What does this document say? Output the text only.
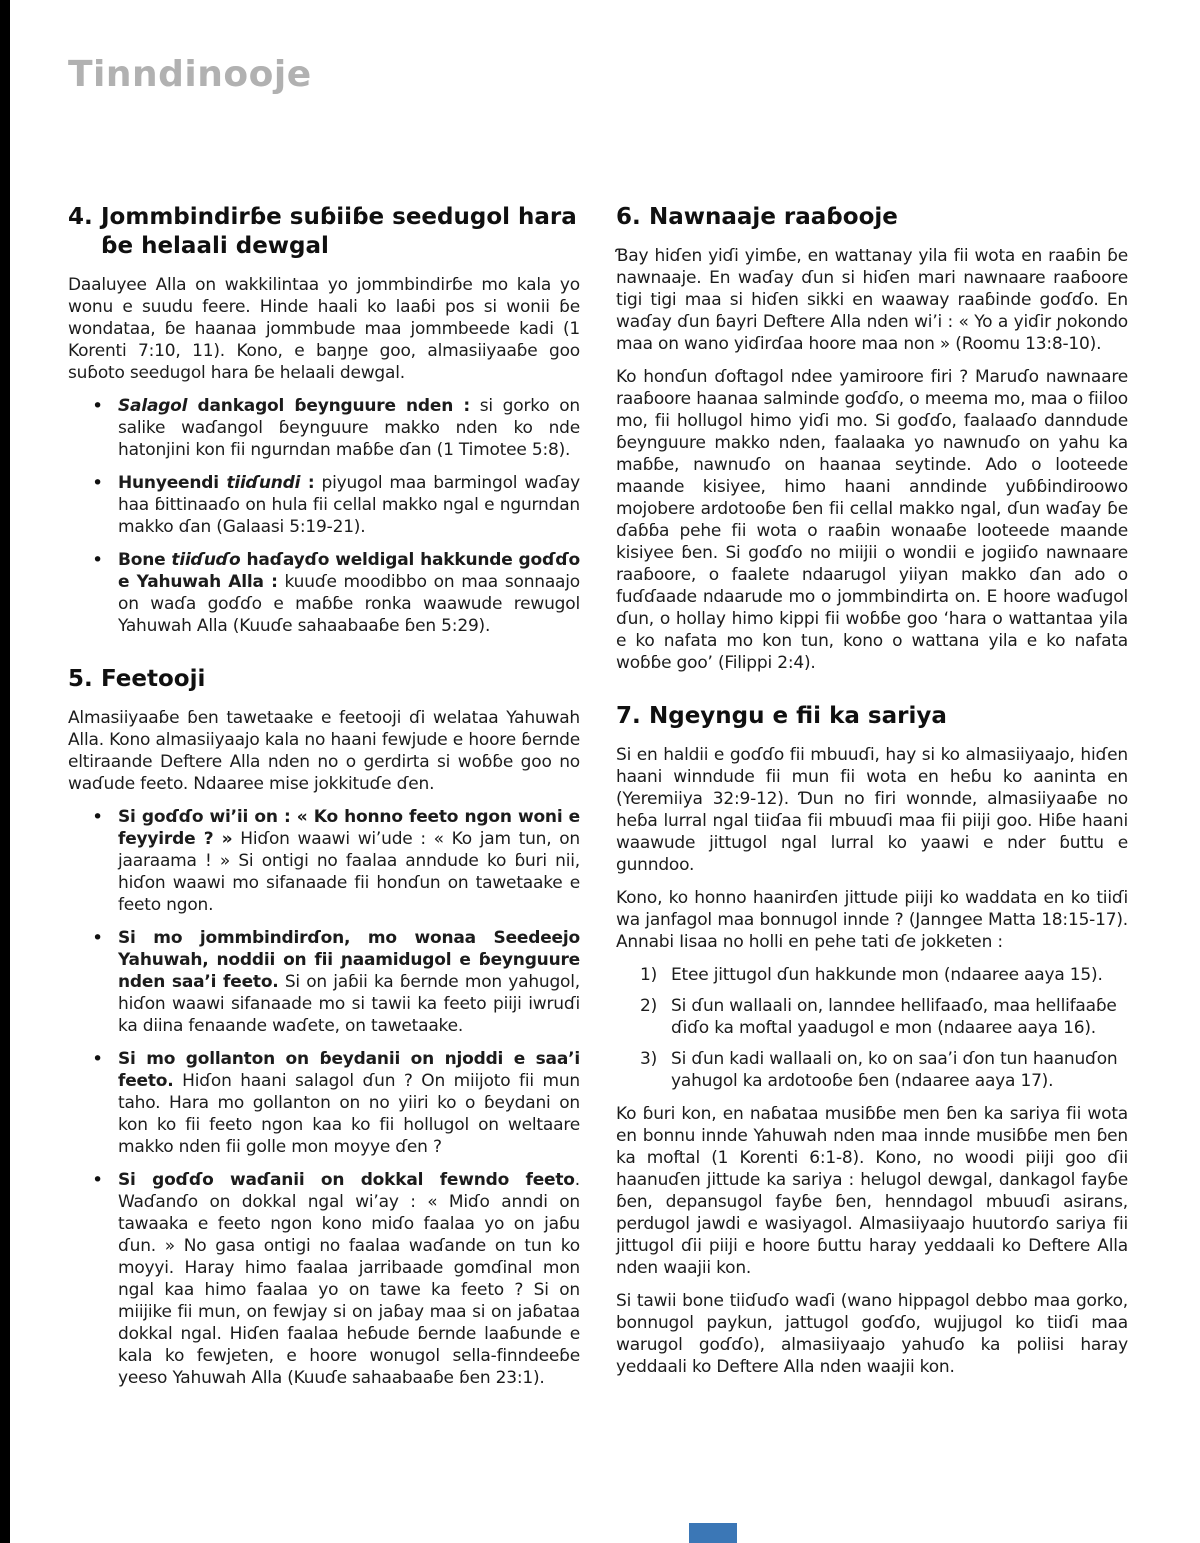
Tinndinooje
4. Jommbindirɓe suɓiiɓe seedugol hara ɓe helaali dewgal

Daaluyee Alla on wakkilintaa yo jommbindirɓe mo kala yo wonu e suudu feere. Hinde haali ko laaɓi pos si wonii ɓe wondataa, ɓe haanaa jommbude maa jommbeede kadi (1 Korenti 7:10, 11). Kono, e baŋŋe goo, almasiiyaaɓe goo suɓoto seedugol hara ɓe helaali dewgal.

• Salagol dankagol ɓeynguure nden : si gorko on salike waɗangol ɓeynguure makko nden ko nde hatonjini kon fii ngurndan maɓɓe ɗan (1 Timotee 5:8).
• Hunyeendi tiiɗundi : piyugol maa barmingol waɗay haa ɓittinaaɗo on hula fii cellal makko ngal e ngurndan makko ɗan (Galaasi 5:19-21).
• Bone tiiɗuɗo haɗayɗo weldigal hakkunde goɗɗo e Yahuwah Alla : kuuɗe moodibbo on maa sonnaajo on waɗa goɗɗo e maɓɓe ronka waawude rewugol Yahuwah Alla (Kuuɗe sahaabaaɓe ɓen 5:29).
5. Feetooji

Almasiiyaaɓe ɓen tawetaake e feetooji ɗi welataa Yahuwah Alla. Kono almasiiyaajo kala no haani fewjude e hoore ɓernde eltiraande Deftere Alla nden no o gerdirta si woɓɓe goo no waɗude feeto. Ndaaree mise jokkituɗe ɗen.

• Si goɗɗo wi’ii on : « Ko honno feeto ngon woni e feyyirde ? » Hiɗon waawi wi’ude : « Ko jam tun, on jaaraama ! » Si ontigi no faalaa anndude ko ɓuri nii, hiɗon waawi mo sifanaade fii honɗun on tawetaake e feeto ngon.
• Si mo jommbindirɗon, mo wonaa Seedeejo Yahuwah, noddii on fii ɲaamidugol e ɓeynguure nden saa’i feeto. Si on jaɓii ka ɓernde mon yahugol, hiɗon waawi sifanaade mo si tawii ka feeto piiji iwruɗi ka diina fenaande waɗete, on tawetaake.
• Si mo gollanton on ɓeydanii on njoddi e saa’i feeto. Hiɗon haani salagol ɗun ? On miijoto fii mun taho. Hara mo gollanton on no yiiri ko o ɓeydani on kon ko fii feeto ngon kaa ko fii hollugol on weltaare makko nden fii golle mon moyye ɗen ?
• Si goɗɗo waɗanii on dokkal fewndo feeto. Waɗanɗo on dokkal ngal wi’ay : « Miɗo anndi on tawaaka e feeto ngon kono miɗo faalaa yo on jaɓu ɗun. » No gasa ontigi no faalaa waɗande on tun ko moyyi. Haray himo faalaa jarribaade gomɗinal mon ngal kaa himo faalaa yo on tawe ka feeto ? Si on miijike fii mun, on fewjay si on jaɓay maa si on jaɓataa dokkal ngal. Hiɗen faalaa heɓude ɓernde laaɓunde e kala ko fewjeten, e hoore wonugol sella-finndeeɓe yeeso Yahuwah Alla (Kuuɗe sahaabaaɓe ɓen 23:1).
6. Nawnaaje raaɓooje

Ɓay hiɗen yiɗi yimɓe, en wattanay yila fii wota en raaɓin ɓe nawnaaje. En waɗay ɗun si hiɗen mari nawnaare raaɓoore tigi tigi maa si hiɗen sikki en waaway raaɓinde goɗɗo. En waɗay ɗun ɓayri Deftere Alla nden wi’i : « Yo a yiɗir ɲokondo maa on wano yiɗirɗaa hoore maa non » (Roomu 13:8-10).

Ko honɗun ɗoftagol ndee yamiroore firi ? Maruɗo nawnaare raaɓoore haanaa salminde goɗɗo, o meema mo, maa o fiiloo mo, fii hollugol himo yiɗi mo. Si goɗɗo, faalaaɗo danndude ɓeynguure makko nden, faalaaka yo nawnuɗo on yahu ka maɓɓe, nawnuɗo on haanaa seytinde. Ado o looteede maande kisiyee, himo haani anndinde yuɓɓindiroowo mojobere ardotooɓe ɓen fii cellal makko ngal, ɗun waɗay ɓe ɗaɓɓa pehe fii wota o raaɓin wonaaɓe looteede maande kisiyee ɓen. Si goɗɗo no miijii o wondii e jogiiɗo nawnaare raaɓoore, o faalete ndaarugol yiiyan makko ɗan ado o fuɗɗaade ndaarude mo o jommbindirta on. E hoore waɗugol ɗun, o hollay himo kippi fii woɓɓe goo ‘hara o wattantaa yila e ko nafata mo kon tun, kono o wattana yila e ko nafata woɓɓe goo’ (Filippi 2:4).

7. Ngeyngu e fii ka sariya

Si en haldii e goɗɗo fii mbuuɗi, hay si ko almasiiyaajo, hiɗen haani winndude fii mun fii wota en heɓu ko aaninta en (Yeremiiya 32:9-12). Ɗun no firi wonnde, almasiiyaaɓe no heɓa lurral ngal tiiɗaa fii mbuuɗi maa fii piiji goo. Hiɓe haani waawude jittugol ngal lurral ko yaawi e nder ɓuttu e gunndoo.

Kono, ko honno haanirɗen jittude piiji ko waddata en ko tiiɗi wa janfagol maa bonnugol innde ? (Janngee Matta 18:15-17). Annabi Iisaa no holli en pehe tati ɗe jokketen :

1) Etee jittugol ɗun hakkunde mon (ndaaree aaya 15).
2) Si ɗun wallaali on, lanndee hellifaaɗo, maa hellifaaɓe ɗiɗo ka moftal yaadugol e mon (ndaaree aaya 16).
3) Si ɗun kadi wallaali on, ko on saa’i ɗon tun haanuɗon yahugol ka ardotooɓe ɓen (ndaaree aaya 17).

Ko ɓuri kon, en naɓataa musiɓɓe men ɓen ka sariya fii wota en bonnu innde Yahuwah nden maa innde musiɓɓe men ɓen ka moftal (1 Korenti 6:1-8). Kono, no woodi piiji goo ɗii haanuɗen jittude ka sariya : helugol dewgal, dankagol fayɓe ɓen, depansugol fayɓe ɓen, henndagol mbuuɗi asirans, perdugol jawdi e wasiyagol. Almasiiyaajo huutorɗo sariya fii jittugol ɗii piiji e hoore ɓuttu haray yeddaali ko Deftere Alla nden waajii kon.

Si tawii bone tiiɗuɗo waɗi (wano hippagol debbo maa gorko, bonnugol paykun, jattugol goɗɗo, wujjugol ko tiiɗi maa warugol goɗɗo), almasiiyaajo yahuɗo ka poliisi haray yeddaali ko Deftere Alla nden waajii kon.
